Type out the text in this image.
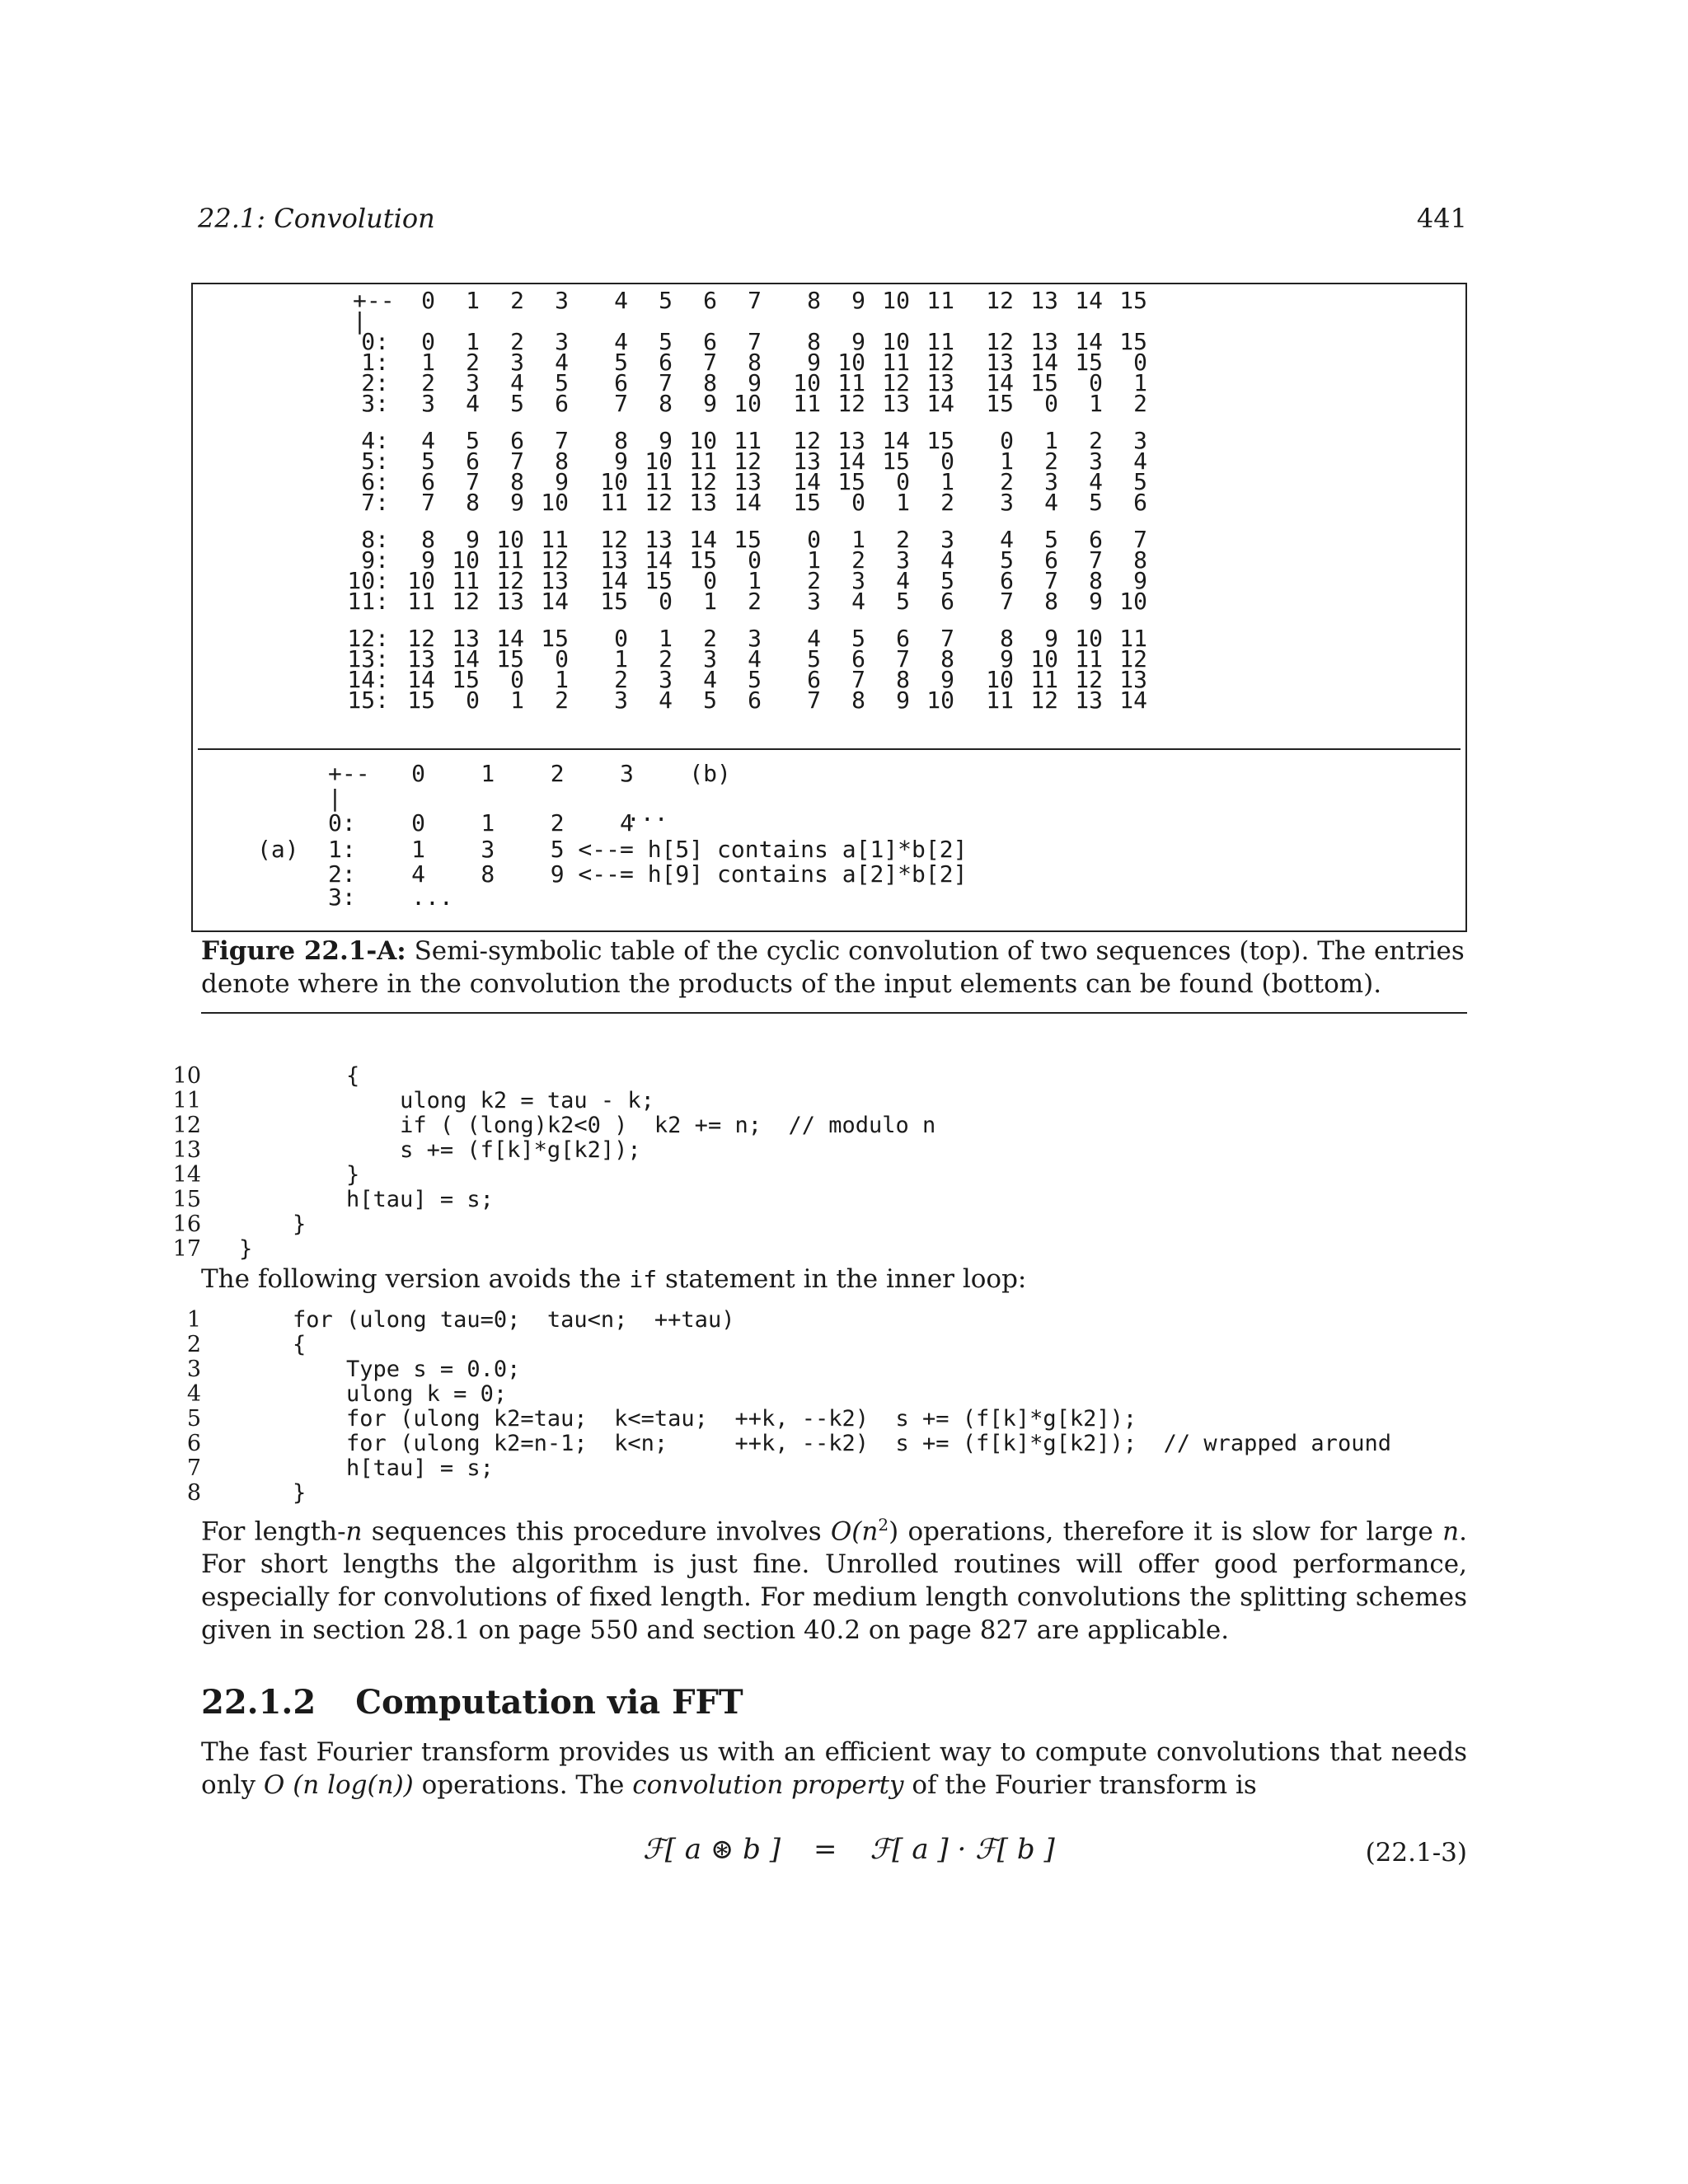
22.1: Convolution	441
+--
|
0	1	2	3	4	5	6	7	8	9 10 11	12 13 14 15
0:	0	1	2	3	4	5	6	7	8	9 10 11	12 13 14 15
1:	1	2	3	4	5	6	7	8	9 10 11 12	13 14 15	0
2:	2	3	4	5	6	7	8	9	10 11 12 13	14 15	0	1
3:	3	4	5	6	7	8	9 10	11 12 13 14	15	0	1	2
4:	4	5	6	7	8	9 10 11	12 13 14 15	0	1	2	3
5:	5	6	7	8	9 10 11 12	13 14 15	0	1	2	3	4
6:	6	7	8	9	10 11 12 13	14 15	0	1	2	3	4	5
7:	7	8	9 10	11 12 13 14	15	0	1	2	3	4	5	6
8:	8	9 10 11	12 13 14 15	0	1	2	3	4	5	6	7
9:	9 10 11 12	13 14 15	0	1	2	3	4	5	6	7	8
10: 10 11 12 13	14 15	0	1	2	3	4	5	6	7	8	9
11: 11 12 13 14	15	0	1	2	3	4	5	6	7	8	9 10
12: 12 13 14 15	0	1	2	3	4	5	6	7	8	9 10 11
13: 13 14 15	0	1	2	3	4	5	6	7	8	9 10 11 12
14: 14 15	0	1	2	3	4	5	6	7	8	9	10 11 12 13
15: 15	0	1	2	3	4	5	6	7	8	9 10	11 12 13 14
+--   0    1    2    3    (b)
|
0:    0    1    2    4
...
(a) 1:    1    3    5 <--= h[5] contains a[1]*b[2]
2:    4    8    9 <--= h[9] contains a[2]*b[2]
3:    ...
Figure 22.1-A: Semi-symbolic table of the cyclic convolution of two sequences (top). The entries denote where in the convolution the products of the input elements can be found (bottom).
10 {
11 ulong k2 = tau - k;
12 if ( (long)k2<0 )  k2 += n;  // modulo n
13 s += (f[k]*g[k2]);
14 }
15 h[tau] = s;
16 }
17 }
The following version avoids the if statement in the inner loop:
1 for (ulong tau=0;  tau<n;  ++tau)
2 {
3 Type s = 0.0;
4 ulong k = 0;
5 for (ulong k2=tau;  k<=tau;  ++k, --k2)  s += (f[k]*g[k2]);
6 for (ulong k2=n-1;  k<n;     ++k, --k2)  s += (f[k]*g[k2]);  // wrapped around
7 h[tau] = s;
8 }
For length-n sequences this procedure involves $O(n^2)$ operations, therefore it is slow for large n. For short lengths the algorithm is just fine. Unrolled routines will offer good performance, especially for convolutions of fixed length. For medium length convolutions the splitting schemes given in section 28.1 on page 550 and section 40.2 on page 827 are applicable.
22.1.2 Computation via FFT
The fast Fourier transform provides us with an efficient way to compute convolutions that needs only O (n log(n)) operations. The convolution property of the Fourier transform is
ℱ[ a ⊛ b ] = ℱ[ a ] · ℱ[ b ]	(22.1-3)
